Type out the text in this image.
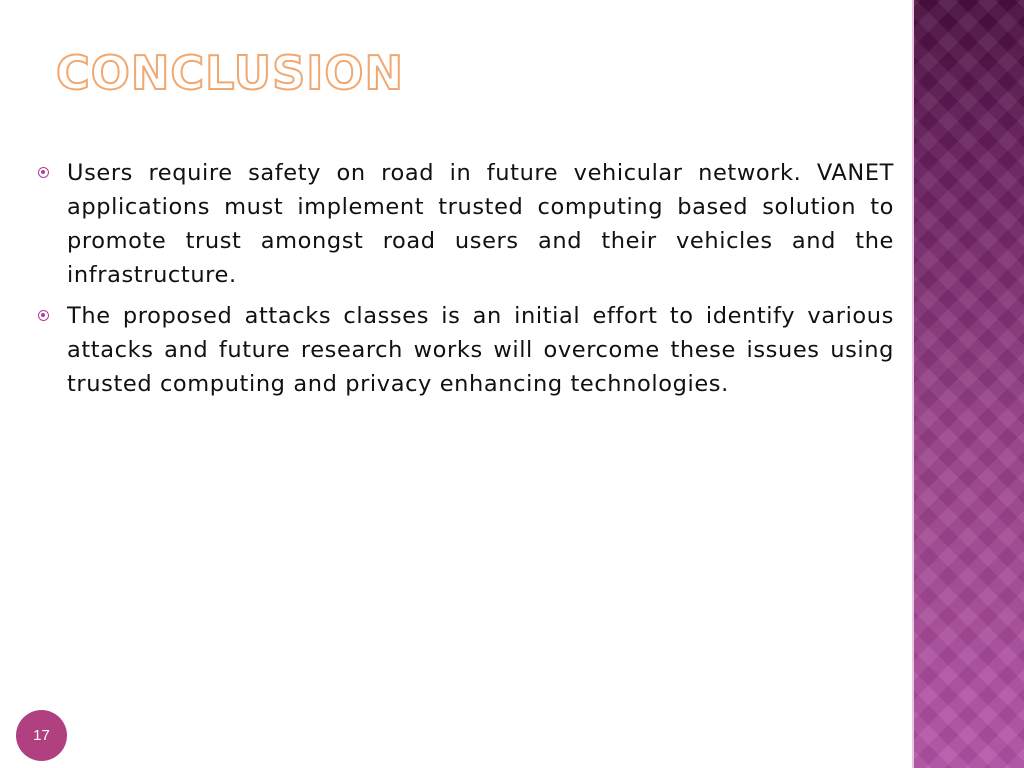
CONCLUSION
Users require safety on road in future vehicular network. VANET applications must implement trusted computing based solution to promote trust amongst road users and their vehicles and the infrastructure.
The proposed attacks classes is an initial effort to identify various attacks and future research works will overcome these issues using trusted computing and privacy enhancing technologies.
17
